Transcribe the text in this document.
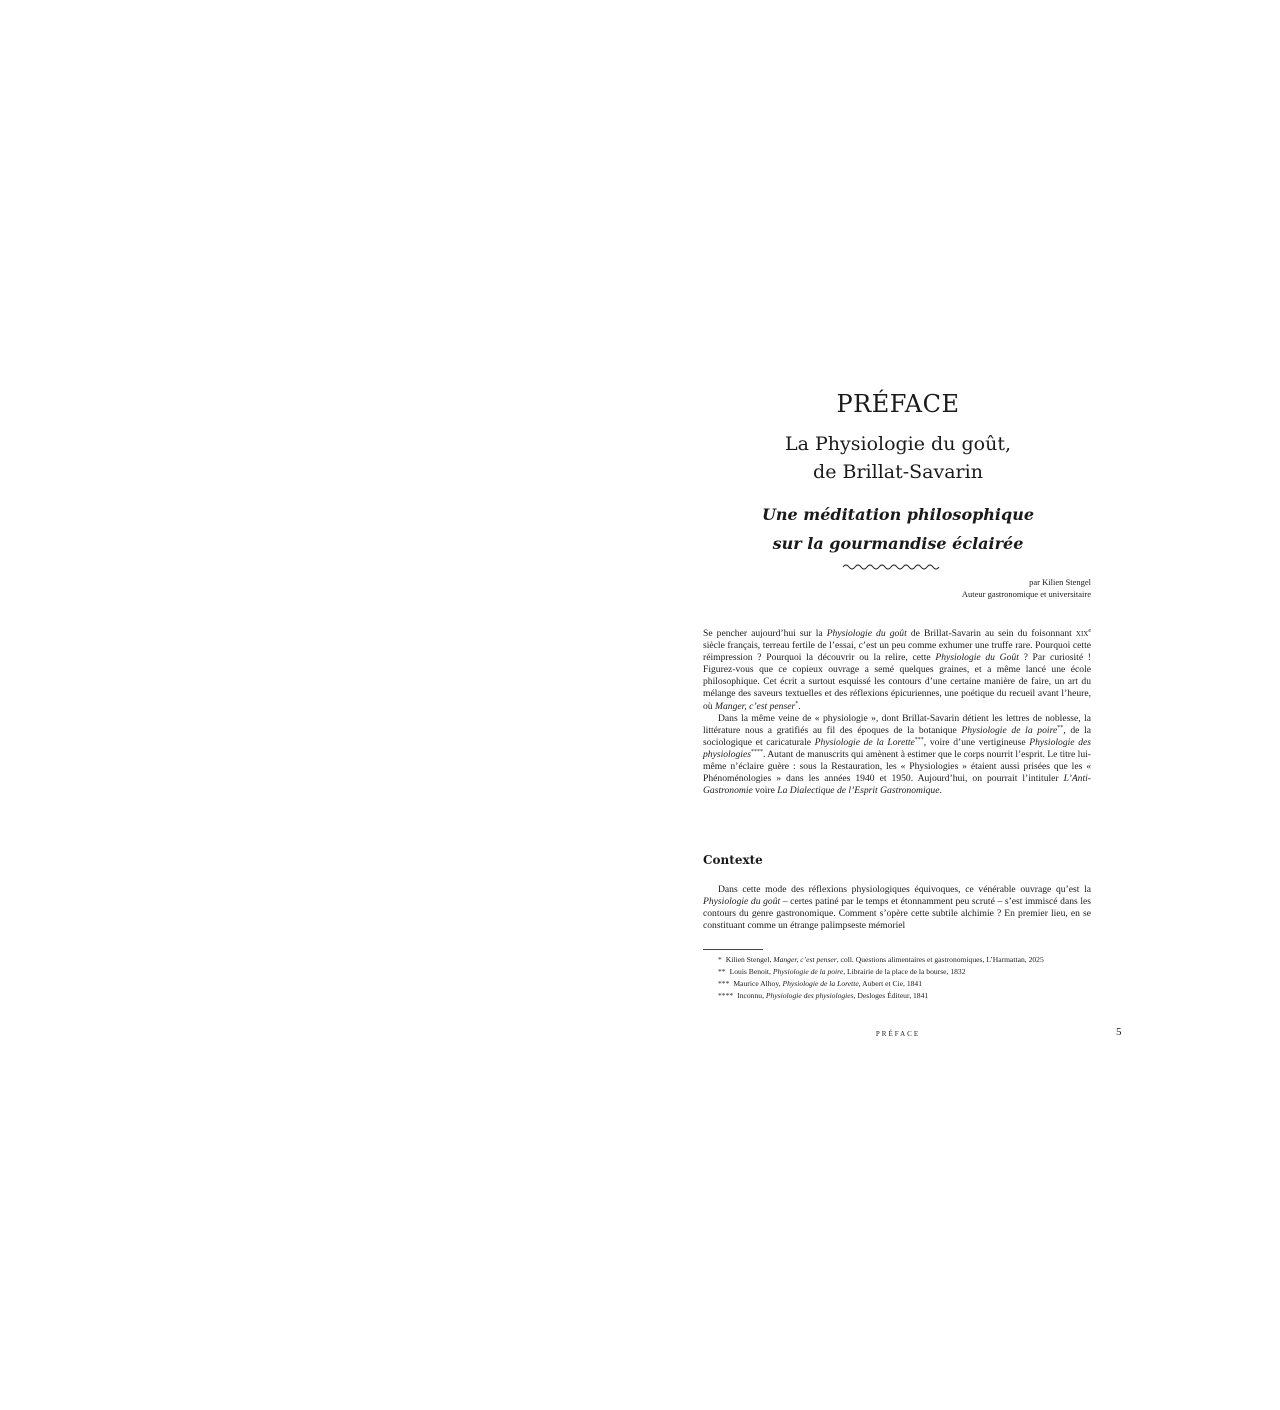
PRÉFACE
La Physiologie du goût,
de Brillat-Savarin
Une méditation philosophique
sur la gourmandise éclairée
par Kilien Stengel
Auteur gastronomique et universitaire

Se pencher aujourd’hui sur la Physiologie du goût de Brillat-Savarin au sein du foisonnant xix$^e$ siècle français, terreau fertile de l’essai, c’est un peu comme exhumer une truffe rare. Pourquoi cette réimpression ? Pourquoi la découvrir ou la relire, cette Physiologie du Goût ? Par curiosité ! Figurez-vous que ce copieux ouvrage a semé quelques graines, et a même lancé une école philosophique. Cet écrit a surtout esquissé les contours d’une certaine manière de faire, un art du mélange des saveurs textuelles et des réflexions épicuriennes, une poétique du recueil avant l’heure, où Manger, c’est penser*.

Dans la même veine de « physiologie », dont Brillat-Savarin détient les lettres de noblesse, la littérature nous a gratifiés au fil des époques de la botanique Physiologie de la poire**, de la sociologique et caricaturale Physiologie de la Lorette***, voire d’une vertigineuse Physiologie des physiologies****. Autant de manuscrits qui amènent à estimer que le corps nourrit l’esprit. Le titre lui-même n’éclaire guère : sous la Restauration, les « Physiologies » étaient aussi prisées que les « Phénoménologies » dans les années 1940 et 1950. Aujourd’hui, on pourrait l’intituler L’Anti-Gastronomie voire La Dialectique de l’Esprit Gastronomique.

Contexte

Dans cette mode des réflexions physiologiques équivoques, ce vénérable ouvrage qu’est la Physiologie du goût – certes patiné par le temps et étonnamment peu scruté – s’est immiscé dans les contours du genre gastronomique. Comment s’opère cette subtile alchimie ? En premier lieu, en se constituant comme un étrange palimpseste mémoriel

* Kilien Stengel, Manger, c’est penser, coll. Questions alimentaires et gastronomiques, L’Harmattan, 2025
** Louis Benoit, Physiologie de la poire, Librairie de la place de la bourse, 1832
*** Maurice Alhoy, Physiologie de la Lorette, Aubert et Cie, 1841
**** Inconnu, Physiologie des physiologies, Desloges Éditeur, 1841
PRÉFACE	5
